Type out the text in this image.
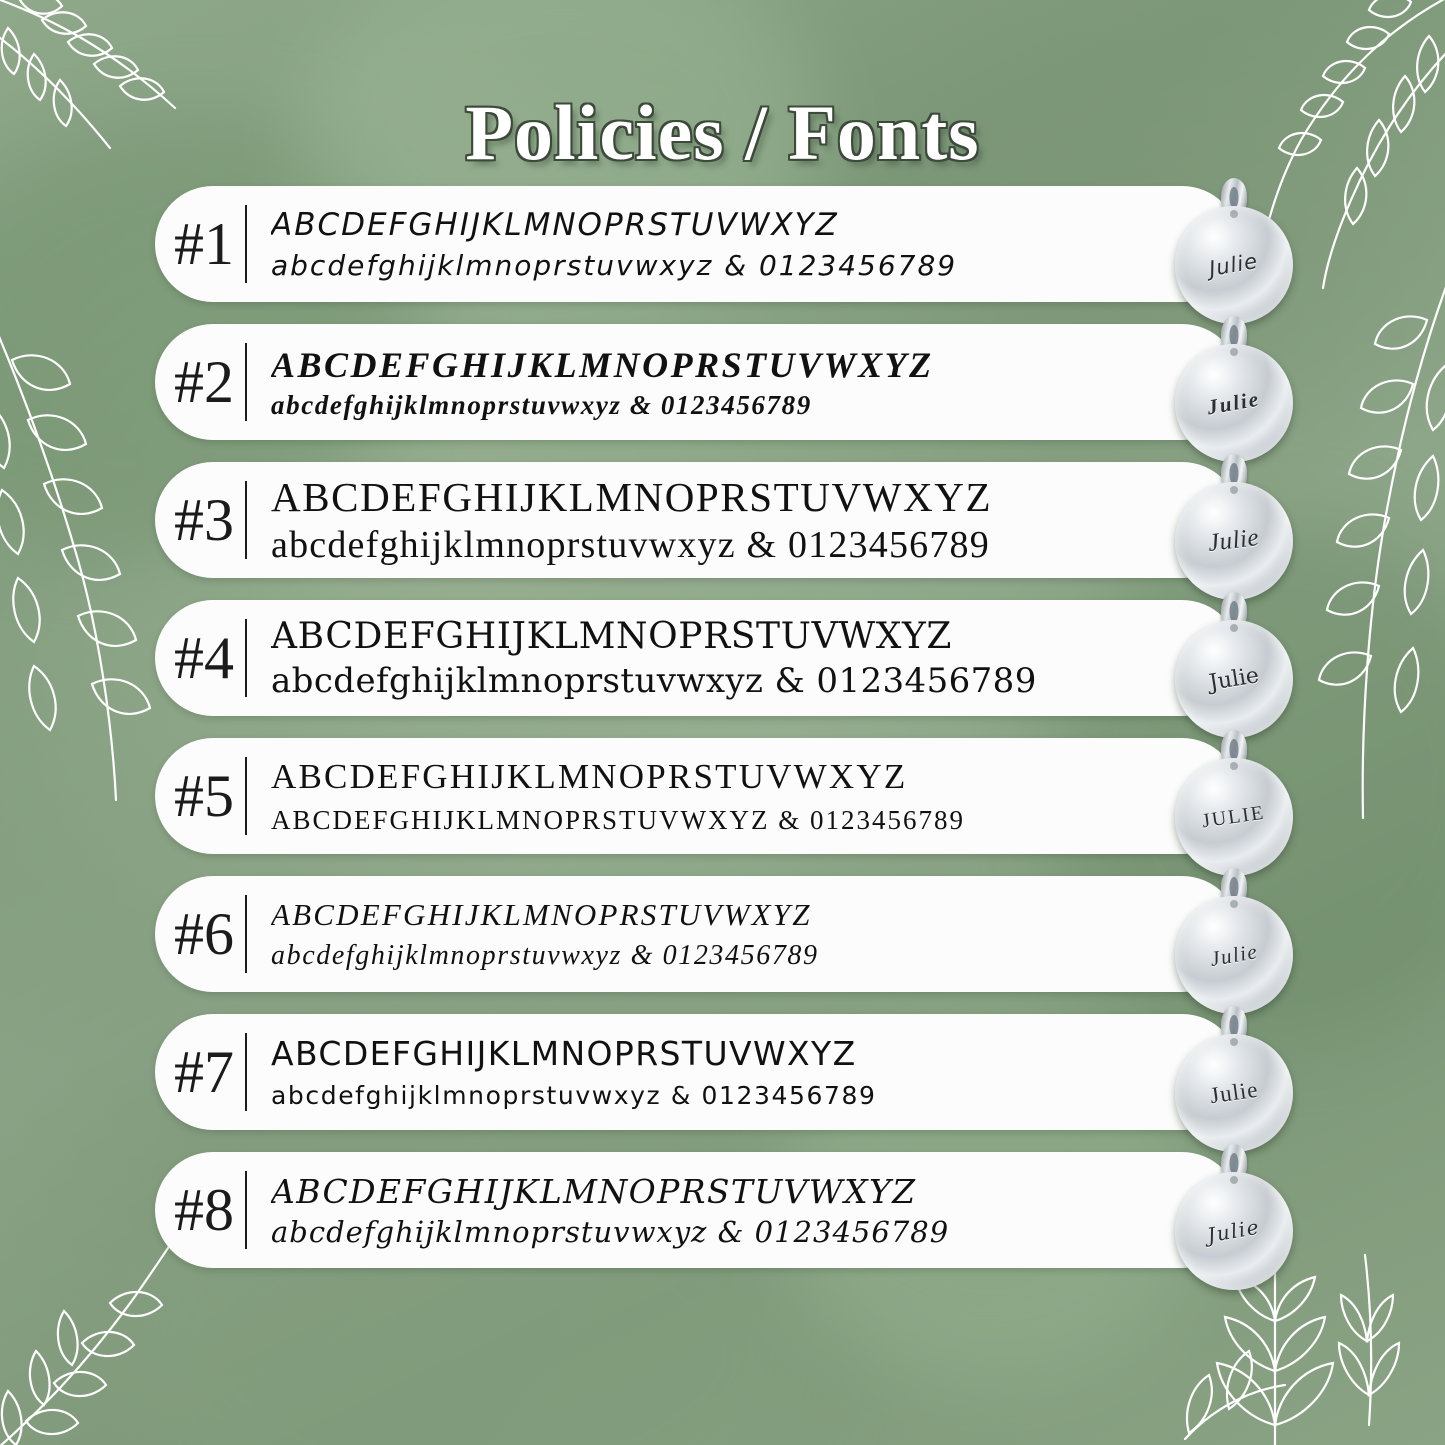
Policies / Fonts
#1	ABCDEFGHIJKLMNOPRSTUVWXYZ
abcdefghijklmnoprstuvwxyz & 0123456789	Julie
#2	ABCDEFGHIJKLMNOPRSTUVWXYZ
abcdefghijklmnoprstuvwxyz & 0123456789	Julie
#3 ABCDEFGHIJKLMNOPRSTUVWXYZ
abcdefghijklmnoprstuvwxyz & 0123456789	Julie
#4	ABCDEFGHIJKLMNOPRSTUVWXYZ
abcdefghijklmnoprstuvwxyz & 0123456789	Julie
#5	ABCDEFGHIJKLMNOPRSTUVWXYZ
ABCDEFGHIJKLMNOPRSTUVWXYZ & 0123456789	JULIE
#6	ABCDEFGHIJKLMNOPRSTUVWXYZ
abcdefghijklmnoprstuvwxyz & 0123456789	Julie
#7	ABCDEFGHIJKLMNOPRSTUVWXYZ
abcdefghijklmnoprstuvwxyz & 0123456789	Julie
#8	ABCDEFGHIJKLMNOPRSTUVWXYZ
abcdefghijklmnoprstuvwxyz & 0123456789	Julie
